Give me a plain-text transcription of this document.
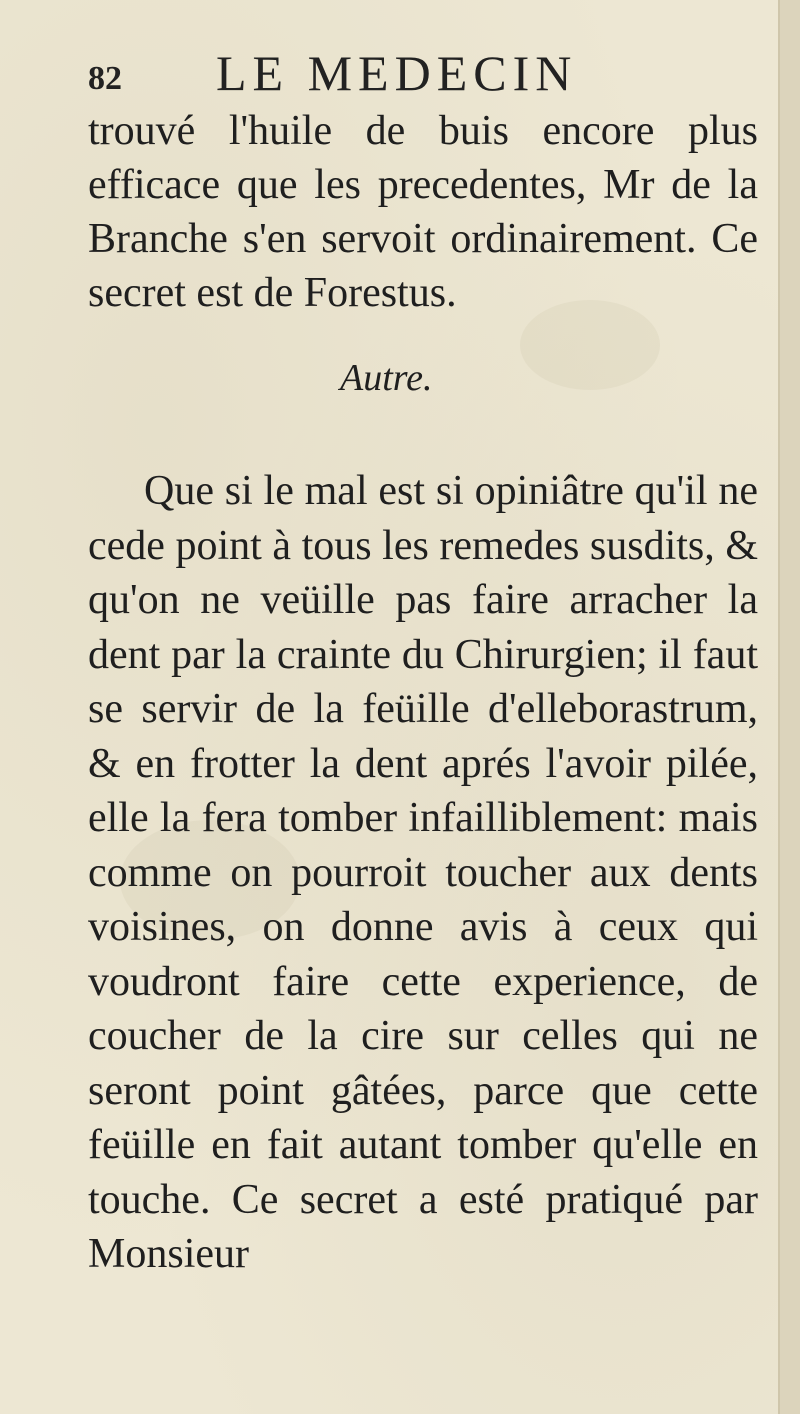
82 LE MEDECIN

trouvé l'huile de buis encore plus efficace que les precedentes, Mr de la Branche s'en servoit ordinairement. Ce secret est de Forestus.

Autre.

Que si le mal est si opiniâtre qu'il ne cede point à tous les remedes susdits, & qu'on ne veüille pas faire arracher la dent par la crainte du Chirurgien; il faut se servir de la feüille d'elleborastrum, & en frotter la dent aprés l'avoir pilée, elle la fera tomber infailliblement: mais comme on pourroit toucher aux dents voisines, on donne avis à ceux qui voudront faire cette experience, de coucher de la cire sur celles qui ne seront point gâtées, parce que cette feüille en fait autant tomber qu'elle en touche. Ce secret a esté pratiqué par Monsieur
